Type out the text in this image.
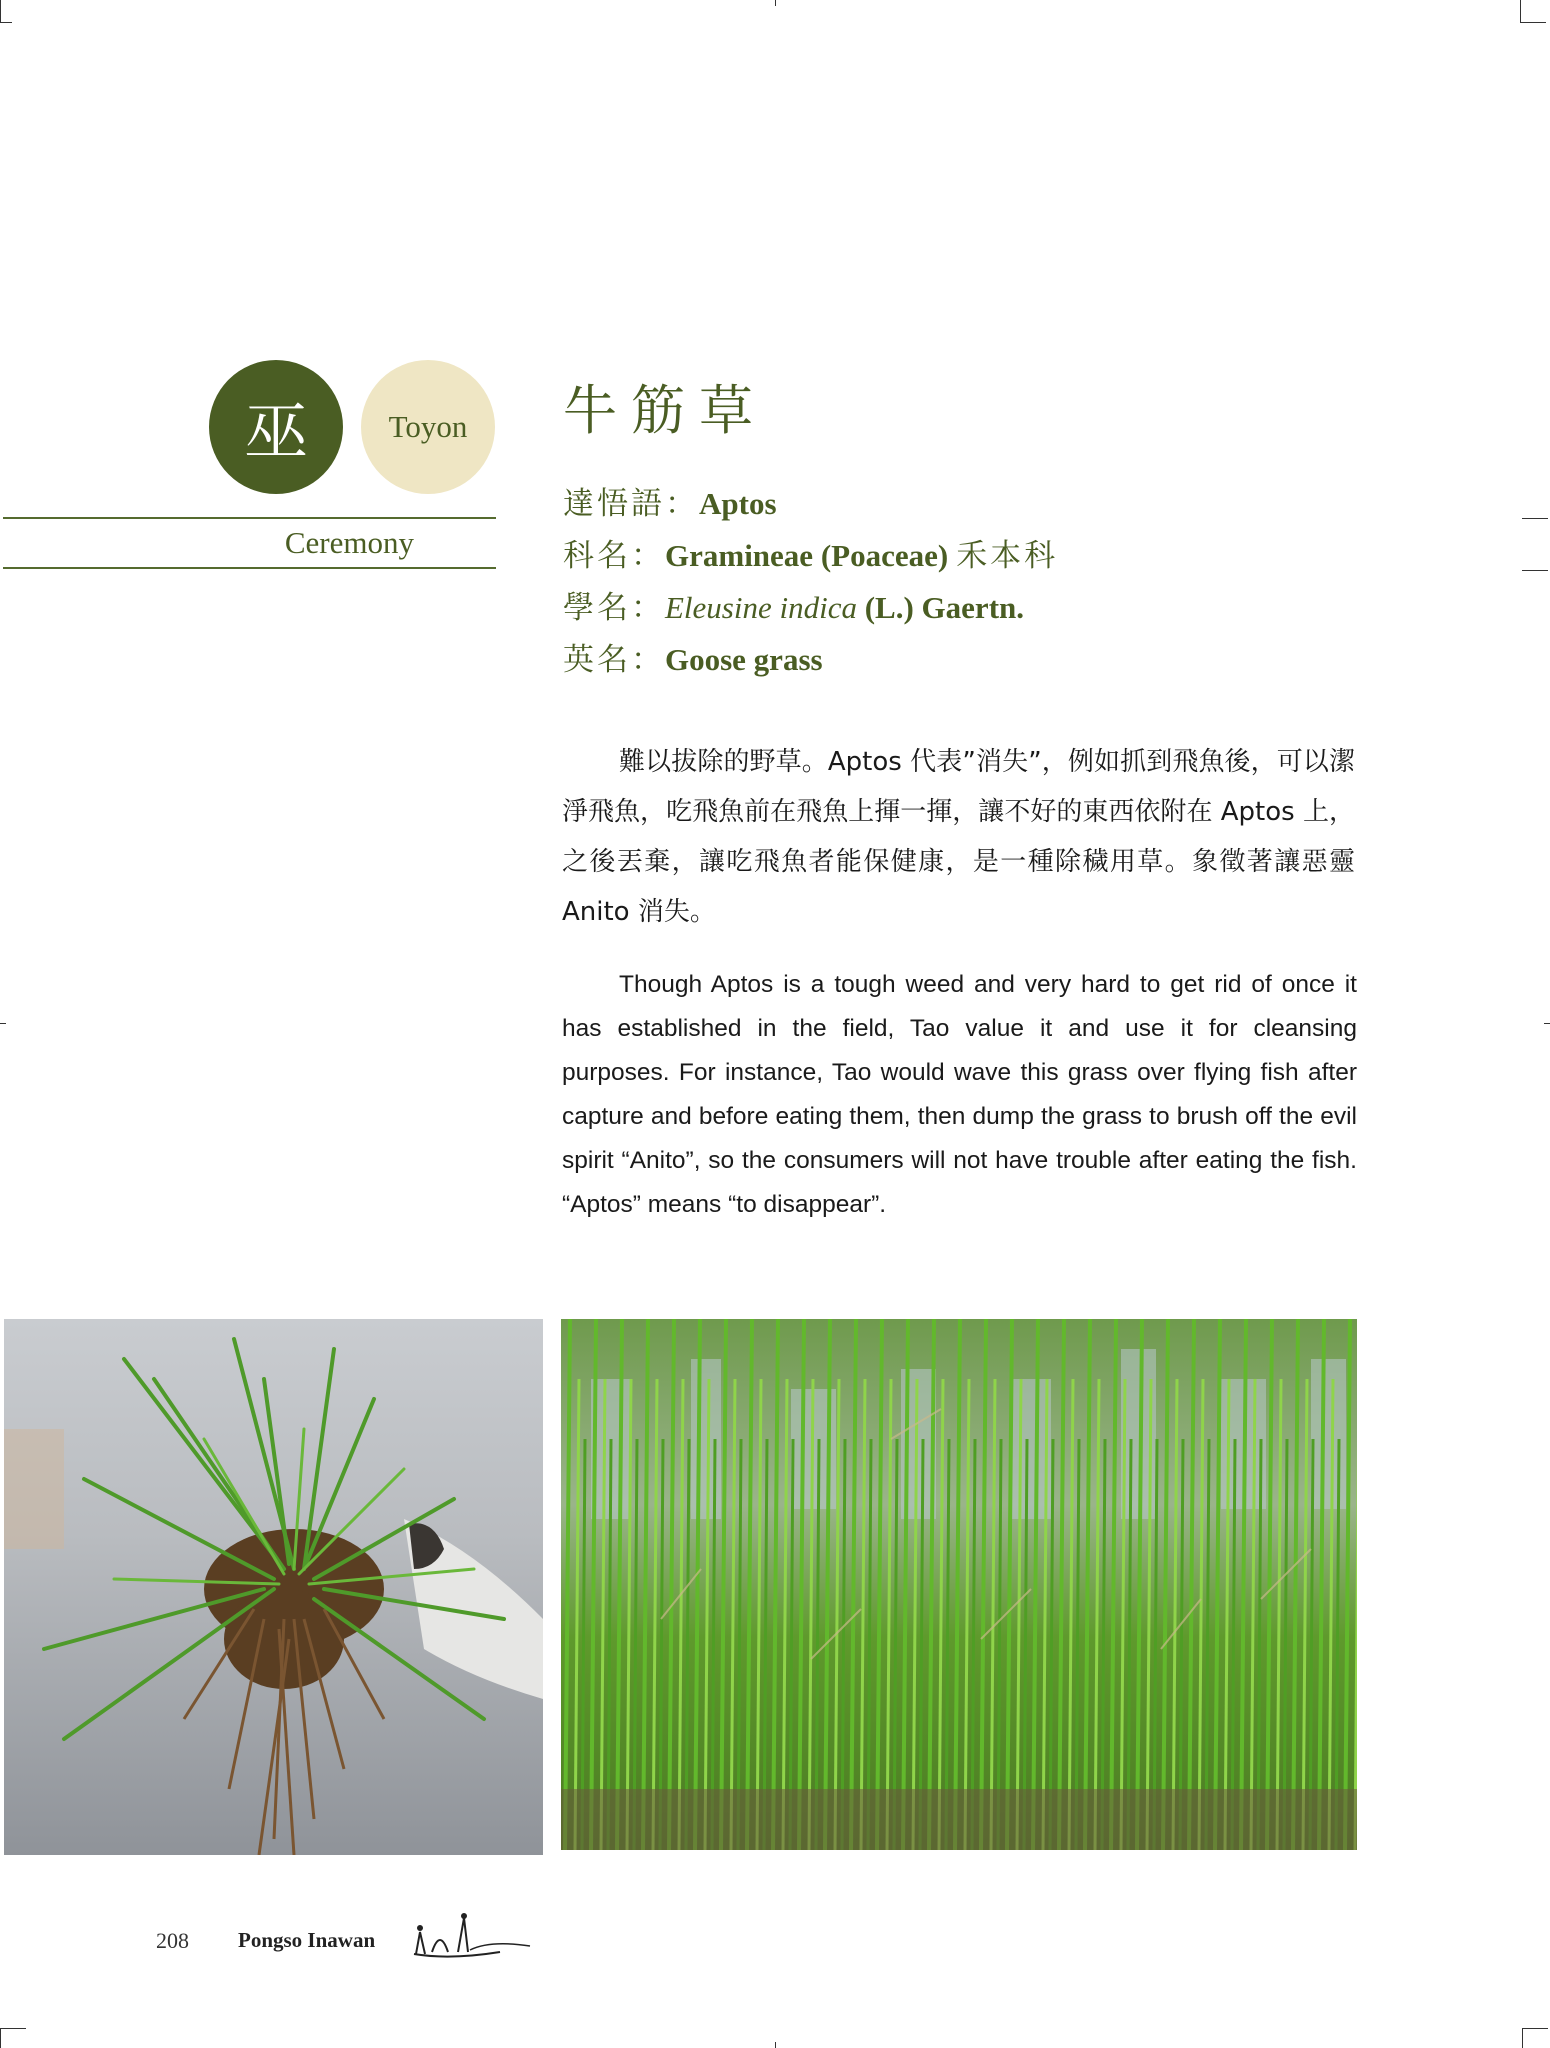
巫	Toyon
Ceremony
牛筋草
達悟語：Aptos
科名：Gramineae (Poaceae) 禾本科
學名：Eleusine indica (L.) Gaertn.
英名：Goose grass

難以拔除的野草。Aptos 代表”消失”，例如抓到飛魚後，可以潔淨飛魚，吃飛魚前在飛魚上揮一揮，讓不好的東西依附在 Aptos 上，之後丟棄，讓吃飛魚者能保健康，是一種除穢用草。象徵著讓惡靈 Anito 消失。

Though Aptos is a tough weed and very hard to get rid of once it has established in the field, Tao value it and use it for cleansing purposes. For instance, Tao would wave this grass over flying fish after capture and before eating them, then dump the grass to brush off the evil spirit “Anito”, so the consumers will not have trouble after eating the fish. “Aptos” means “to disappear”.

208 Pongso Inawan
